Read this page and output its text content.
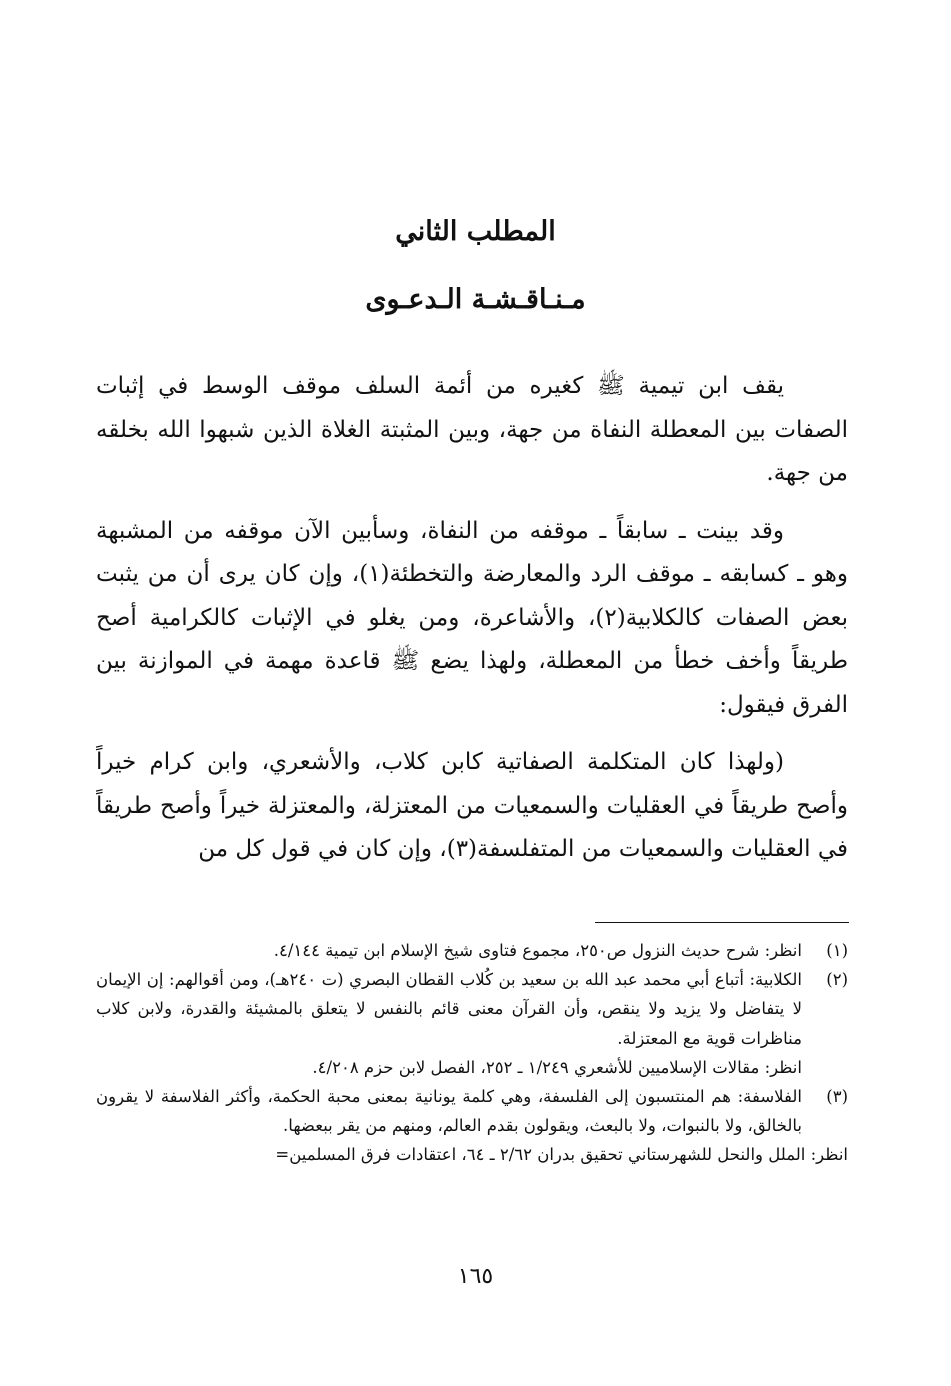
المطلب الثاني
مـنـاقـشـة الـدعـوى

يقف ابن تيمية ﷺ كغيره من أئمة السلف موقف الوسط في إثبات الصفات بين المعطلة النفاة من جهة، وبين المثبتة الغلاة الذين شبهوا الله بخلقه من جهة.

وقد بينت ـ سابقاً ـ موقفه من النفاة، وسأبين الآن موقفه من المشبهة وهو ـ كسابقه ـ موقف الرد والمعارضة والتخطئة(١)، وإن كان يرى أن من يثبت بعض الصفات كالكلابية(٢)، والأشاعرة، ومن يغلو في الإثبات كالكرامية أصح طريقاً وأخف خطأ من المعطلة، ولهذا يضع ﷺ قاعدة مهمة في الموازنة بين الفرق فيقول:

(ولهذا كان المتكلمة الصفاتية كابن كلاب، والأشعري، وابن كرام خيراً وأصح طريقاً في العقليات والسمعيات من المعتزلة، والمعتزلة خيراً وأصح طريقاً في العقليات والسمعيات من المتفلسفة(٣)، وإن كان في قول كل من

(١)
انظر: شرح حديث النزول ص٢٥٠، مجموع فتاوى شيخ الإسلام ابن تيمية ٤/١٤٤.
(٢)
الكلابية: أتباع أبي محمد عبد الله بن سعيد بن كُلاب القطان البصري (ت ٢٤٠هـ)، ومن أقوالهم: إن الإيمان لا يتفاضل ولا يزيد ولا ينقص، وأن القرآن معنى قائم بالنفس لا يتعلق بالمشيئة والقدرة، ولابن كلاب مناظرات قوية مع المعتزلة.
انظر: مقالات الإسلاميين للأشعري ١/٢٤٩ ـ ٢٥٢، الفصل لابن حزم ٤/٢٠٨.
(٣)
الفلاسفة: هم المنتسبون إلى الفلسفة، وهي كلمة يونانية بمعنى محبة الحكمة، وأكثر الفلاسفة لا يقرون بالخالق، ولا بالنبوات، ولا بالبعث، ويقولون بقدم العالم، ومنهم من يقر ببعضها.
انظر: الملل والنحل للشهرستاني تحقيق بدران ٢/٦٢ ـ ٦٤، اعتقادات فرق المسلمين=
١٦٥
